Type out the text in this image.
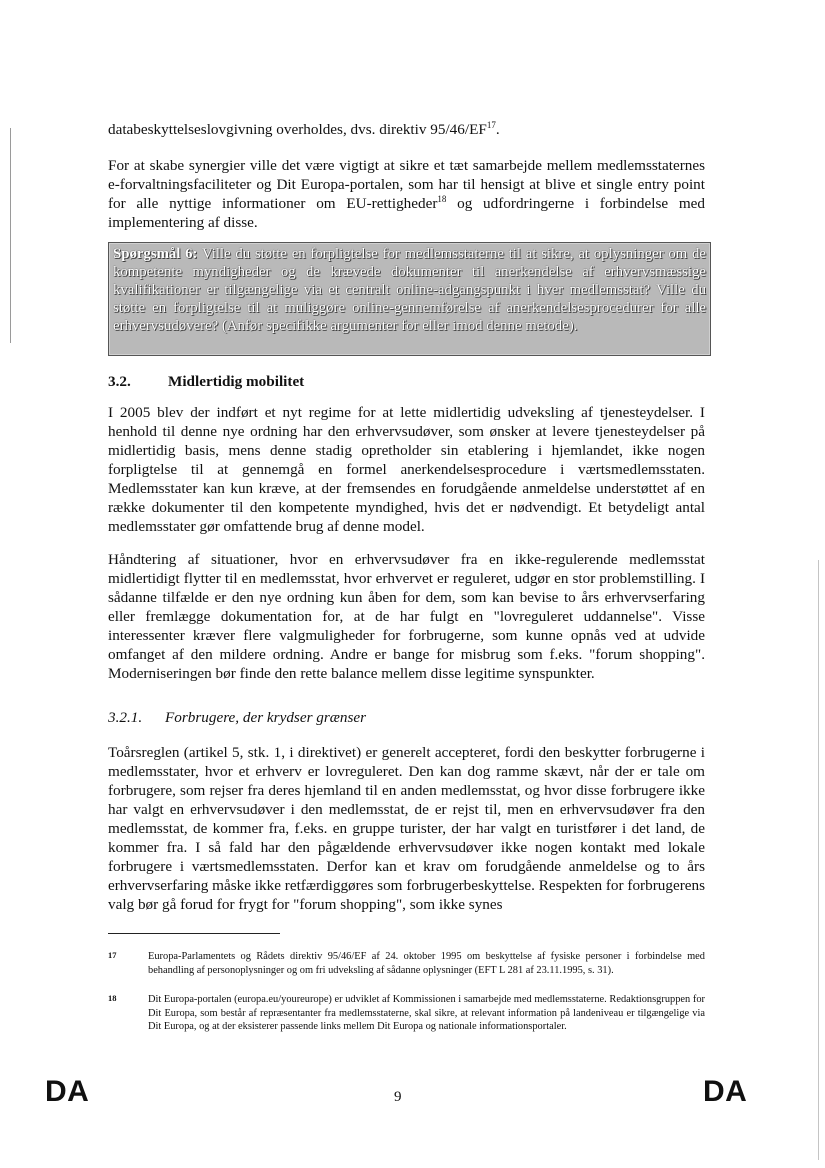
databeskyttelseslovgivning overholdes, dvs. direktiv 95/46/EF$^{17}$.

For at skabe synergier ville det være vigtigt at sikre et tæt samarbejde mellem medlemsstaternes e-forvaltningsfaciliteter og Dit Europa-portalen, som har til hensigt at blive et single entry point for alle nyttige informationer om EU-rettigheder$^{18}$ og udfordringerne i forbindelse med implementering af disse.

Spørgsmål 6: Ville du støtte en forpligtelse for medlemsstaterne til at sikre, at oplysninger om de kompetente myndigheder og de krævede dokumenter til anerkendelse af erhvervsmæssige kvalifikationer er tilgængelige via et centralt online-adgangspunkt i hver medlemsstat? Ville du støtte en forpligtelse til at muliggøre online-gennemførelse af anerkendelsesprocedurer for alle erhvervsudøvere? (Anfør specifikke argumenter for eller imod denne metode).
3.2. Midlertidig mobilitet

I 2005 blev der indført et nyt regime for at lette midlertidig udveksling af tjenesteydelser. I henhold til denne nye ordning har den erhvervsudøver, som ønsker at levere tjenesteydelser på midlertidig basis, mens denne stadig opretholder sin etablering i hjemlandet, ikke nogen forpligtelse til at gennemgå en formel anerkendelsesprocedure i værtsmedlemsstaten. Medlemsstater kan kun kræve, at der fremsendes en forudgående anmeldelse understøttet af en række dokumenter til den kompetente myndighed, hvis det er nødvendigt. Et betydeligt antal medlemsstater gør omfattende brug af denne model.

Håndtering af situationer, hvor en erhvervsudøver fra en ikke-regulerende medlemsstat midlertidigt flytter til en medlemsstat, hvor erhvervet er reguleret, udgør en stor problemstilling. I sådanne tilfælde er den nye ordning kun åben for dem, som kan bevise to års erhvervserfaring eller fremlægge dokumentation for, at de har fulgt en "lovreguleret uddannelse". Visse interessenter kræver flere valgmuligheder for forbrugerne, som kunne opnås ved at udvide omfanget af den mildere ordning. Andre er bange for misbrug som f.eks. "forum shopping". Moderniseringen bør finde den rette balance mellem disse legitime synspunkter.

3.2.1. Forbrugere, der krydser grænser

Toårsreglen (artikel 5, stk. 1, i direktivet) er generelt accepteret, fordi den beskytter forbrugerne i medlemsstater, hvor et erhverv er lovreguleret. Den kan dog ramme skævt, når der er tale om forbrugere, som rejser fra deres hjemland til en anden medlemsstat, og hvor disse forbrugere ikke har valgt en erhvervsudøver i den medlemsstat, de er rejst til, men en erhvervsudøver fra den medlemsstat, de kommer fra, f.eks. en gruppe turister, der har valgt en turistfører i det land, de kommer fra. I så fald har den pågældende erhvervsudøver ikke nogen kontakt med lokale forbrugere i værtsmedlemsstaten. Derfor kan et krav om forudgående anmeldelse og to års erhvervserfaring måske ikke retfærdiggøres som forbrugerbeskyttelse. Respekten for forbrugerens valg bør gå forud for frygt for "forum shopping", som ikke synes

17	Europa-Parlamentets og Rådets direktiv 95/46/EF af 24. oktober 1995 om beskyttelse af fysiske personer i forbindelse med behandling af personoplysninger og om fri udveksling af sådanne oplysninger (EFT L 281 af 23.11.1995, s. 31).
18	Dit Europa-portalen (europa.eu/youreurope) er udviklet af Kommissionen i samarbejde med medlemsstaterne. Redaktionsgruppen for Dit Europa, som består af repræsentanter fra medlemsstaterne, skal sikre, at relevant information på landeniveau er tilgængelige via Dit Europa, og at der eksisterer passende links mellem Dit Europa og nationale informationsportaler.
DA	9	DA
